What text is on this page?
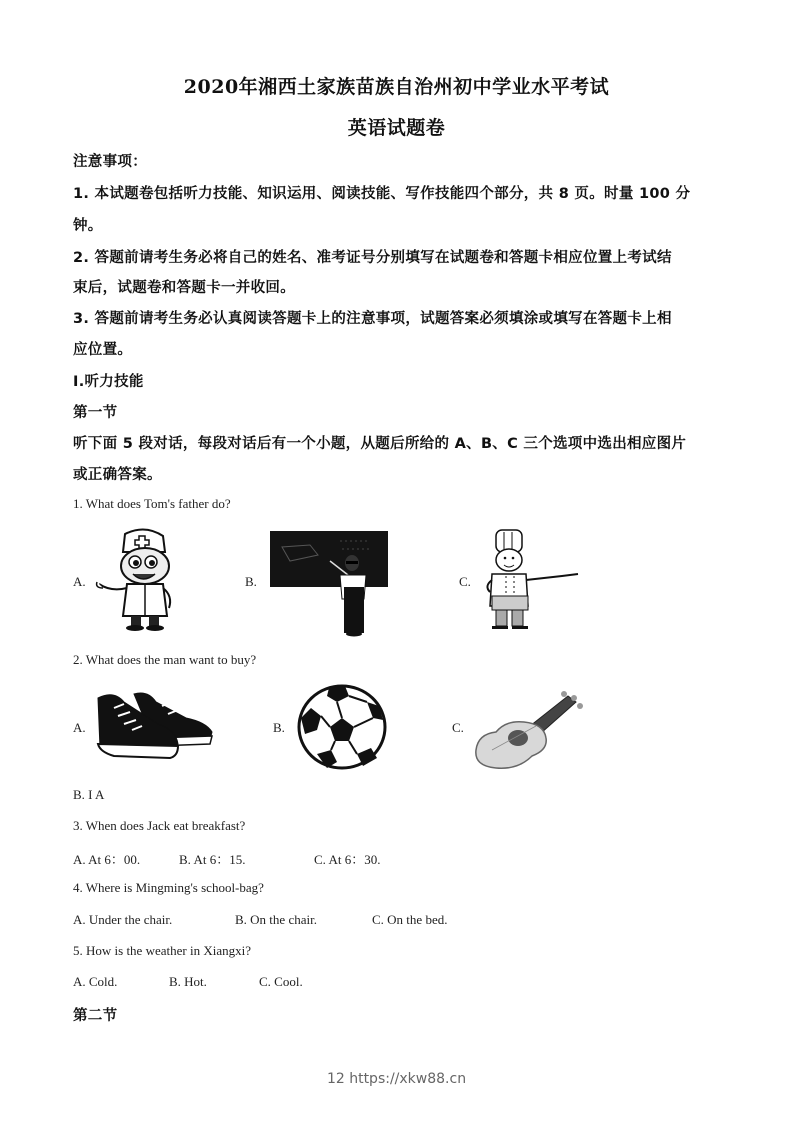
2020年湘西土家族苗族自治州初中学业水平考试
英语试题卷
注意事项：
1. 本试题卷包括听力技能、知识运用、阅读技能、写作技能四个部分，共 8 页。时量 100 分
钟。
2. 答题前请考生务必将自己的姓名、准考证号分别填写在试题卷和答题卡相应位置上考试结
束后，试题卷和答题卡一并收回。
3. 答题前请考生务必认真阅读答题卡上的注意事项，试题答案必须填涂或填写在答题卡上相
应位置。
I.听力技能
第一节
听下面 5 段对话，每段对话后有一个小题，从题后所给的 A、B、C 三个选项中选出相应图片
或正确答案。
1. What does Tom's father do?
A.	B.	C.
2. What does the man want to buy?
A.	B.	C.
B. I A
3. When does Jack eat breakfast?
A. At 6：00.	B. At 6：15.	C. At 6：30.
4. Where is Mingming's school-bag?
A. Under the chair.	B. On the chair.	C. On the bed.
5. How is the weather in Xiangxi?
A. Cold.	B. Hot.	C. Cool.
第二节
12 https://xkw88.cn
